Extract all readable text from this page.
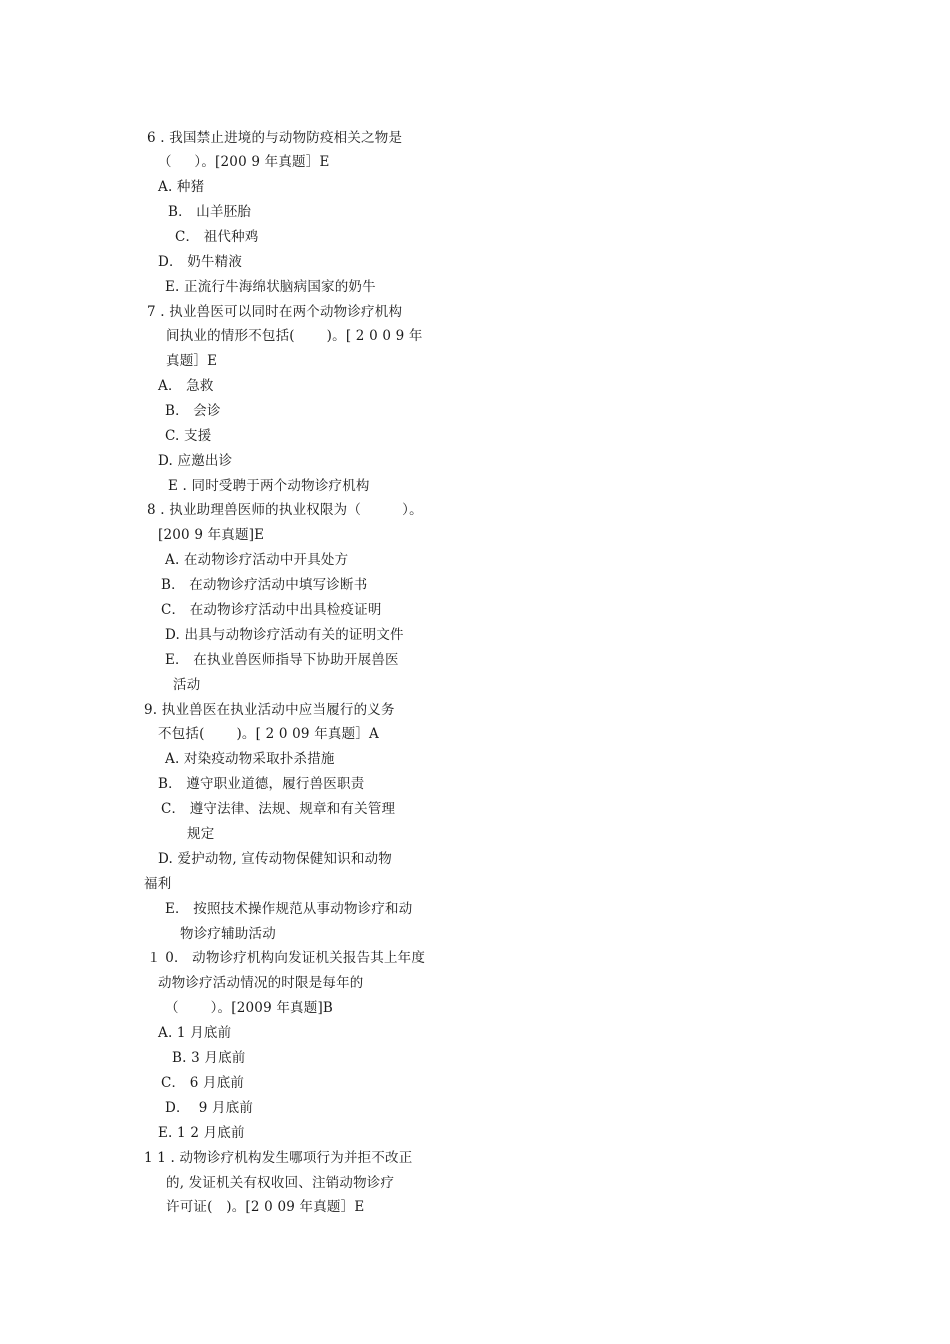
6 . 我国禁止进境的与动物防疫相关之物是
（　  ）。[200 9 年真题］E
A. 种猪
B． 山羊胚胎
C． 祖代种鸡
D． 奶牛精液
E. 正流行牛海绵状脑病国家的奶牛
7 . 执业兽医可以同时在两个动物诊疗机构
间执业的情形不包括(　　 )。[ 2 0 0 9 年
真题］E
A． 急救
B． 会诊
C. 支援
D. 应邀出诊
E . 同时受聘于两个动物诊疗机构
8 . 执业助理兽医师的执业权限为（　　　）。
[200 9 年真题]E
A. 在动物诊疗活动中开具处方
B． 在动物诊疗活动中填写诊断书
C． 在动物诊疗活动中出具检疫证明
D. 出具与动物诊疗活动有关的证明文件
E． 在执业兽医师指导下协助开展兽医
活动
9. 执业兽医在执业活动中应当履行的义务
不包括(　　 )。[ 2 0 09 年真题］A
A. 对染疫动物采取扑杀措施
B． 遵守职业道德，履行兽医职责
C． 遵守法律、法规、规章和有关管理
规定
D. 爱护动物, 宣传动物保健知识和动物
福利
E． 按照技术操作规范从事动物诊疗和动
物诊疗辅助活动
１ 0． 动物诊疗机构向发证机关报告其上年度
动物诊疗活动情况的时限是每年的
（　　 ）。[2009 年真题]B
A. 1 月底前
B. 3 月底前
C． 6 月底前
D．  9 月底前
E. 1 2 月底前
1 1 . 动物诊疗机构发生哪项行为并拒不改正
的, 发证机关有权收回、注销动物诊疗
许可证(　)。[2 0 09 年真题］E
